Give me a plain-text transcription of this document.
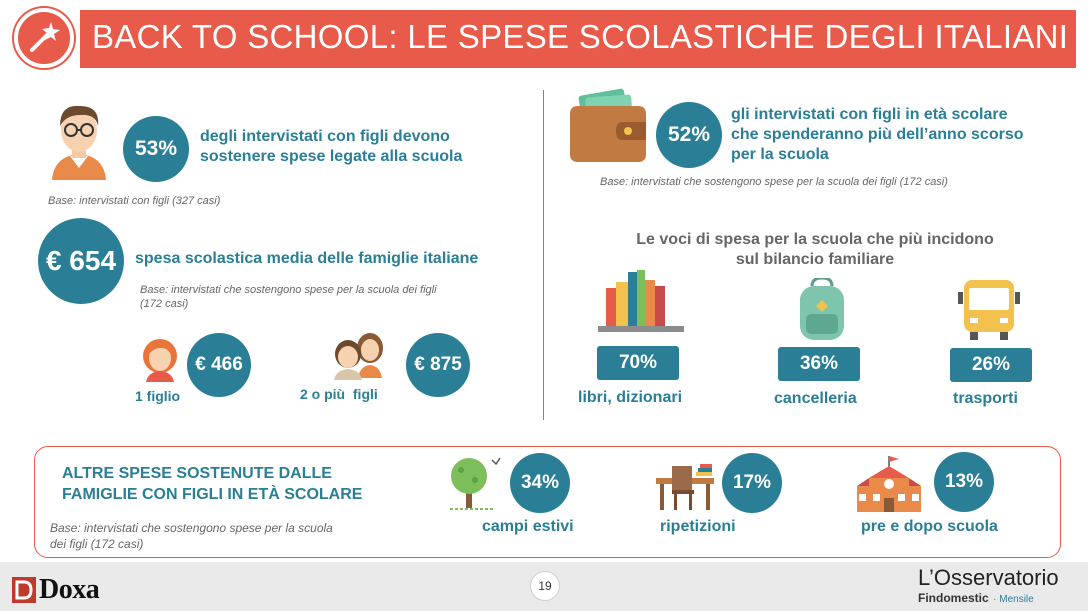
BACK TO SCHOOL: LE SPESE SCOLASTICHE DEGLI ITALIANI
53%
degli intervistati con figli devono
sostenere spese legate alla scuola
Base: intervistati con figli (327 casi)
€ 654 spesa scolastica media delle famiglie italiane
Base: intervistati che sostengono spese per la scuola dei figli
(172 casi)
1 figlio
€ 466
2 o più  figli
€ 875
52%
gli intervistati con figli in età scolare
che spenderanno più dell’anno scorso
per la scuola
Base: intervistati che sostengono spese per la scuola dei figli (172 casi)
Le voci di spesa per la scuola che più incidono
sul bilancio familiare
70%
libri, dizionari
36%
cancelleria
26%
trasporti
ALTRE SPESE SOSTENUTE DALLE
FAMIGLIE CON FIGLI IN ETÀ SCOLARE
Base: intervistati che sostengono spese per la scuola
dei figli (172 casi)
34%
campi estivi
17%
ripetizioni
13%
pre e dopo scuola
Doxa	19	L’Osservatorio
Findomestic · Mensile
